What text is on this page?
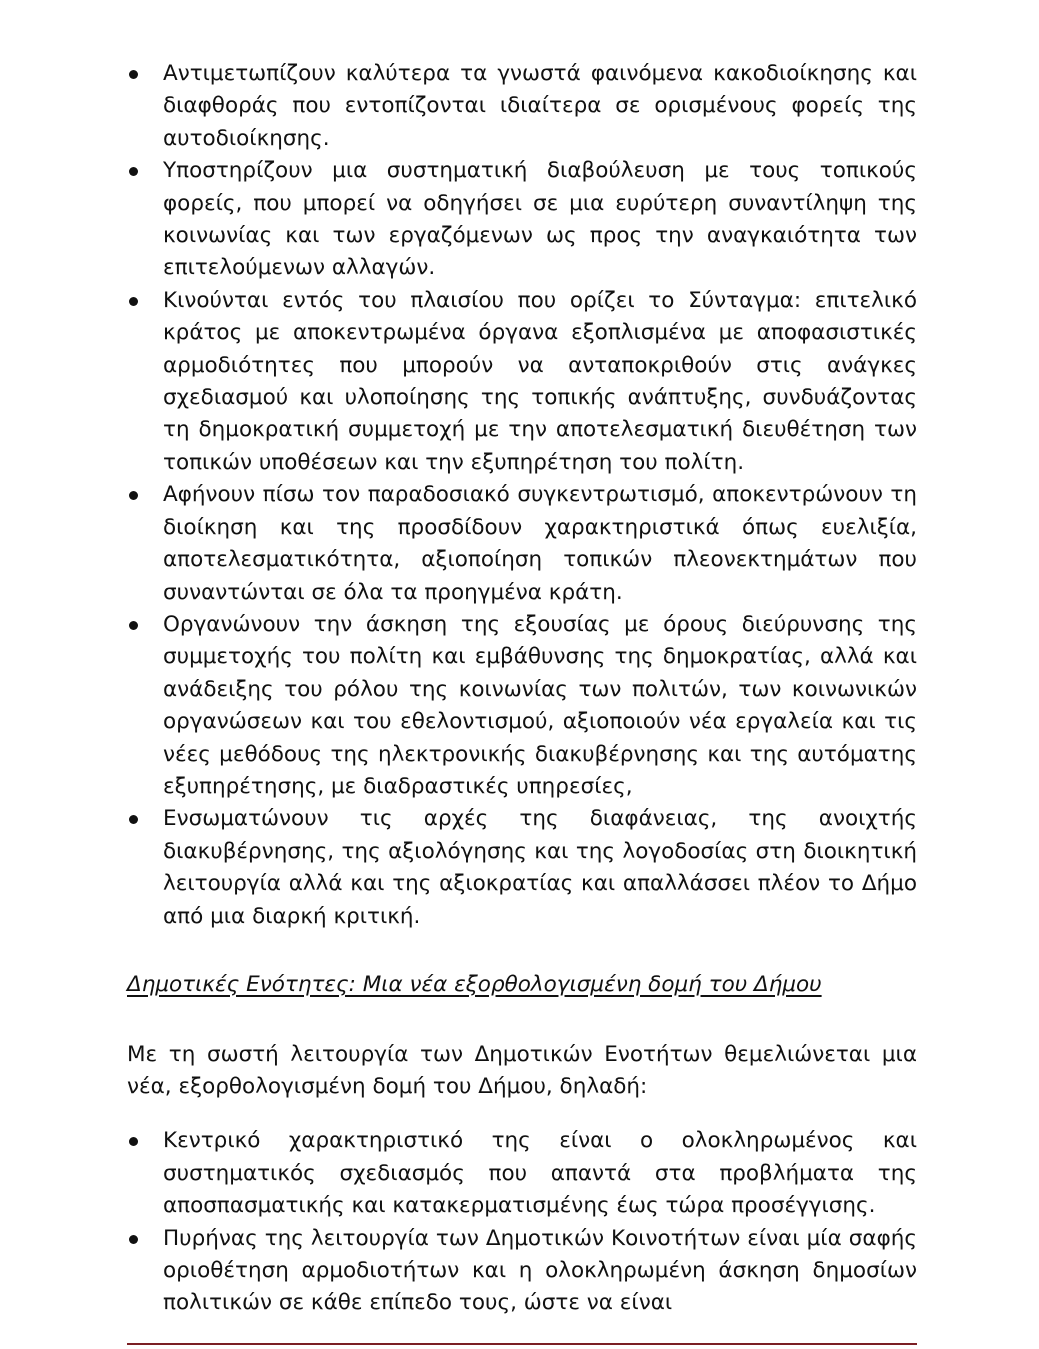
Αντιμετωπίζουν καλύτερα τα γνωστά φαινόμενα κακοδιοίκησης και διαφθοράς που εντοπίζονται ιδιαίτερα σε ορισμένους φορείς της αυτοδιοίκησης.
Υποστηρίζουν μια συστηματική διαβούλευση με τους τοπικούς φορείς, που μπορεί να οδηγήσει σε μια ευρύτερη συναντίληψη της κοινωνίας και των εργαζόμενων ως προς την αναγκαιότητα των επιτελούμενων αλλαγών.
Κινούνται εντός του πλαισίου που ορίζει το Σύνταγμα: επιτελικό κράτος με αποκεντρωμένα όργανα εξοπλισμένα με αποφασιστικές αρμοδιότητες που μπορούν να ανταποκριθούν στις ανάγκες σχεδιασμού και υλοποίησης της τοπικής ανάπτυξης, συνδυάζοντας τη δημοκρατική συμμετοχή με την αποτελεσματική διευθέτηση των τοπικών υποθέσεων και την εξυπηρέτηση του πολίτη.
Αφήνουν πίσω τον παραδοσιακό συγκεντρωτισμό, αποκεντρώνουν τη διοίκηση και της προσδίδουν χαρακτηριστικά όπως ευελιξία, αποτελεσματικότητα, αξιοποίηση τοπικών πλεονεκτημάτων που συναντώνται σε όλα τα προηγμένα κράτη.
Οργανώνουν την άσκηση της εξουσίας με όρους διεύρυνσης της συμμετοχής του πολίτη και εμβάθυνσης της δημοκρατίας, αλλά και ανάδειξης του ρόλου της κοινωνίας των πολιτών, των κοινωνικών οργανώσεων και του εθελοντισμού, αξιοποιούν νέα εργαλεία και τις νέες μεθόδους της ηλεκτρονικής διακυβέρνησης και της αυτόματης εξυπηρέτησης, με διαδραστικές υπηρεσίες,
Ενσωματώνουν τις αρχές της διαφάνειας, της ανοιχτής διακυβέρνησης, της αξιολόγησης και της λογοδοσίας στη διοικητική λειτουργία αλλά και της αξιοκρατίας και απαλλάσσει πλέον το Δήμο από μια διαρκή κριτική.
Δημοτικές Ενότητες: Μια νέα εξορθολογισμένη δομή του Δήμου

Με τη σωστή λειτουργία των Δημοτικών Ενοτήτων θεμελιώνεται μια νέα, εξορθολογισμένη δομή του Δήμου, δηλαδή:

Κεντρικό χαρακτηριστικό της είναι ο ολοκληρωμένος και συστηματικός σχεδιασμός που απαντά στα προβλήματα της αποσπασματικής και κατακερματισμένης έως τώρα προσέγγισης.
Πυρήνας της λειτουργία των Δημοτικών Κοινοτήτων είναι μία σαφής οριοθέτηση αρμοδιοτήτων και η ολοκληρωμένη άσκηση δημοσίων πολιτικών σε κάθε επίπεδο τους, ώστε να είναι
